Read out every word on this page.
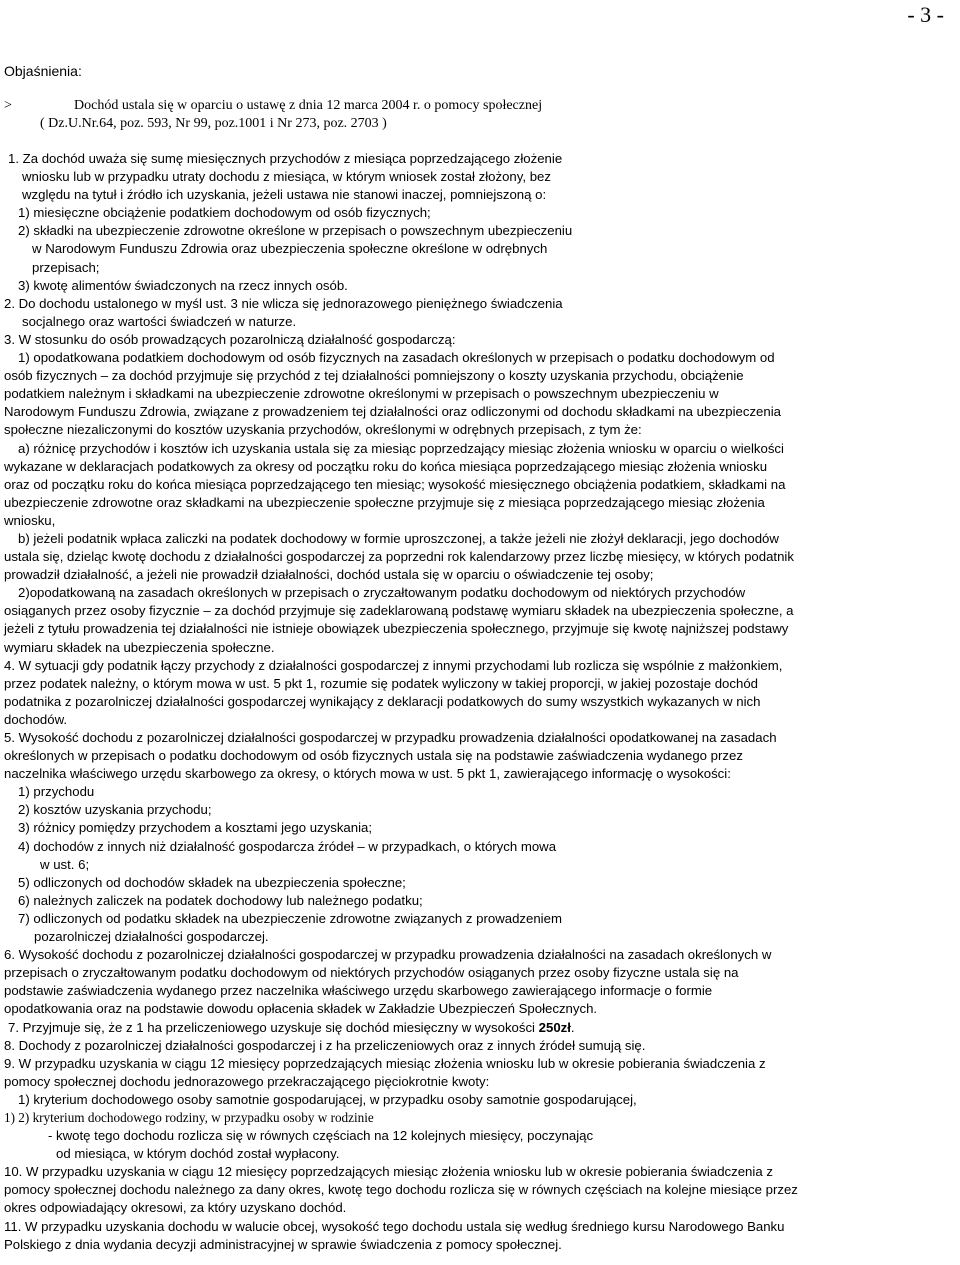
- 3 -
Objaśnienia:
>	Dochód ustala się w oparciu o ustawę z dnia 12 marca 2004 r. o pomocy społecznej
( Dz.U.Nr.64, poz. 593, Nr 99, poz.1001 i Nr 273, poz. 2703 )
1. Za dochód uważa się sumę miesięcznych przychodów z miesiąca poprzedzającego złożenie
wniosku lub w przypadku utraty dochodu z miesiąca, w którym wniosek został złożony, bez
względu na tytuł i źródło ich uzyskania, jeżeli ustawa nie stanowi inaczej, pomniejszoną o:
1) miesięczne obciążenie podatkiem dochodowym od osób fizycznych;
2) składki na ubezpieczenie zdrowotne określone w przepisach o powszechnym ubezpieczeniu
w Narodowym Funduszu Zdrowia oraz ubezpieczenia społeczne określone w odrębnych
przepisach;
3) kwotę alimentów świadczonych na rzecz innych osób.
2. Do dochodu ustalonego w myśl ust. 3 nie wlicza się jednorazowego pieniężnego świadczenia
socjalnego oraz wartości świadczeń w naturze.
3. W stosunku do osób prowadzących pozarolniczą działalność gospodarczą:
1) opodatkowana podatkiem dochodowym od osób fizycznych na zasadach określonych w przepisach o podatku dochodowym od
osób fizycznych – za dochód przyjmuje się przychód z tej działalności pomniejszony o koszty uzyskania przychodu, obciążenie
podatkiem należnym i składkami na ubezpieczenie zdrowotne określonymi w przepisach o powszechnym ubezpieczeniu w
Narodowym Funduszu Zdrowia, związane z prowadzeniem tej działalności oraz odliczonymi od dochodu składkami na ubezpieczenia
społeczne niezaliczonymi do kosztów uzyskania przychodów, określonymi w odrębnych przepisach, z tym że:
a) różnicę przychodów i kosztów ich uzyskania ustala się za miesiąc poprzedzający miesiąc złożenia wniosku w oparciu o wielkości
wykazane w deklaracjach podatkowych za okresy od początku roku do końca miesiąca poprzedzającego miesiąc złożenia wniosku
oraz od początku roku do końca miesiąca poprzedzającego ten miesiąc; wysokość miesięcznego obciążenia podatkiem, składkami na
ubezpieczenie zdrowotne oraz składkami na ubezpieczenie społeczne przyjmuje się z miesiąca poprzedzającego miesiąc złożenia
wniosku,
b) jeżeli podatnik wpłaca zaliczki na podatek dochodowy w formie uproszczonej, a także jeżeli nie złożył deklaracji, jego dochodów
ustala się, dzieląc kwotę dochodu z działalności gospodarczej za poprzedni rok kalendarzowy przez liczbę miesięcy, w których podatnik
prowadził działalność, a jeżeli nie prowadził działalności, dochód ustala się w oparciu o oświadczenie tej osoby;
2)opodatkowaną na zasadach określonych w przepisach o zryczałtowanym podatku dochodowym od niektórych przychodów
osiąganych przez osoby fizycznie – za dochód przyjmuje się zadeklarowaną podstawę wymiaru składek na ubezpieczenia społeczne, a
jeżeli z tytułu prowadzenia tej działalności nie istnieje obowiązek ubezpieczenia społecznego, przyjmuje się kwotę najniższej podstawy
wymiaru składek na ubezpieczenia społeczne.
4. W sytuacji gdy podatnik łączy przychody z działalności gospodarczej z innymi przychodami lub rozlicza się wspólnie z małżonkiem,
przez podatek należny, o którym mowa w ust. 5 pkt 1, rozumie się podatek wyliczony w takiej proporcji, w jakiej pozostaje dochód
podatnika z pozarolniczej działalności gospodarczej wynikający z deklaracji podatkowych do sumy wszystkich wykazanych w nich
dochodów.
5. Wysokość dochodu z pozarolniczej działalności gospodarczej w przypadku prowadzenia działalności opodatkowanej na zasadach
określonych w przepisach o podatku dochodowym od osób fizycznych ustala się na podstawie zaświadczenia wydanego przez
naczelnika właściwego urzędu skarbowego za okresy, o których mowa w ust. 5 pkt 1, zawierającego informację o wysokości:
1) przychodu
2) kosztów uzyskania przychodu;
3) różnicy pomiędzy przychodem a kosztami jego uzyskania;
4) dochodów z innych niż działalność gospodarcza źródeł – w przypadkach, o których mowa
w ust. 6;
5) odliczonych od dochodów składek na ubezpieczenia społeczne;
6) należnych zaliczek na podatek dochodowy lub należnego podatku;
7) odliczonych od podatku składek na ubezpieczenie zdrowotne związanych z prowadzeniem
pozarolniczej działalności gospodarczej.
6. Wysokość dochodu z pozarolniczej działalności gospodarczej w przypadku prowadzenia działalności na zasadach określonych w
przepisach o zryczałtowanym podatku dochodowym od niektórych przychodów osiąganych przez osoby fizyczne ustala się na
podstawie zaświadczenia wydanego przez naczelnika właściwego urzędu skarbowego zawierającego informacje o formie
opodatkowania oraz na podstawie dowodu opłacenia składek w Zakładzie Ubezpieczeń Społecznych.
7. Przyjmuje się, że z 1 ha przeliczeniowego uzyskuje się dochód miesięczny w wysokości 250zł.
8. Dochody z pozarolniczej działalności gospodarczej i z ha przeliczeniowych oraz z innych źródeł sumują się.
9. W przypadku uzyskania w ciągu 12 miesięcy poprzedzających miesiąc złożenia wniosku lub w okresie pobierania świadczenia z
pomocy społecznej dochodu jednorazowego przekraczającego pięciokrotnie kwoty:
1) kryterium dochodowego osoby samotnie gospodarującej, w przypadku osoby samotnie gospodarującej,
1) 2) kryterium dochodowego rodziny, w przypadku osoby w rodzinie
- kwotę tego dochodu rozlicza się w równych częściach na 12 kolejnych miesięcy, poczynając
od miesiąca, w którym dochód został wypłacony.
10. W przypadku uzyskania w ciągu 12 miesięcy poprzedzających miesiąc złożenia wniosku lub w okresie pobierania świadczenia z
pomocy społecznej dochodu należnego za dany okres, kwotę tego dochodu rozlicza się w równych częściach na kolejne miesiące przez
okres odpowiadający okresowi, za który uzyskano dochód.
11. W przypadku uzyskania dochodu w walucie obcej, wysokość tego dochodu ustala się według średniego kursu Narodowego Banku
Polskiego z dnia wydania decyzji administracyjnej w sprawie świadczenia z pomocy społecznej.
